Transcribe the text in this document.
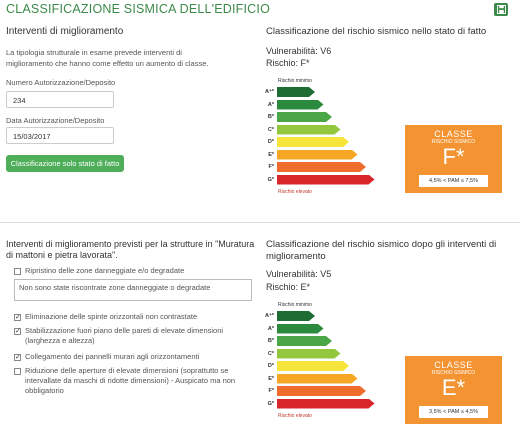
CLASSIFICAZIONE SISMICA DELL'EDIFICIO
Interventi di miglioramento
La tipologia strutturale in esame prevede interventi di miglioramento che hanno come effetto un aumento di classe.
Numero Autorizzazione/Deposito
234
Data Autorizzazione/Deposito
15/03/2017
Classificazione solo stato di fatto
Classificazione del rischio sismico nello stato di fatto
Vulnerabilità: V6
Rischio: F*
Rischio minimo
A⁺*
A*
B*
C*
D*
E*
F*
G*
Rischio elevato
CLASSE
RISCHIO SISMICO
F*
4,5% < PAM ≤ 7,5%
Interventi di miglioramento previsti per la strutture in "Muratura di mattoni e pietra lavorata".
Ripristino delle zone danneggiate e/o degradate
Non sono state riscontrate zone danneggiate o degradate
✓ Eliminazione delle spinte orizzontali non contrastate
✓ Stabilizzazione fuori piano delle pareti di elevate dimensioni (larghezza e altezza)
✓ Collegamento dei pannelli murari agli orizzontamenti
Riduzione delle aperture di elevate dimensioni (soprattutto se intervallate da maschi di ridotte dimensioni) - Auspicato ma non obbligatorio
Classificazione del rischio sismico dopo gli interventi di miglioramento
Vulnerabilità: V5
Rischio: E*
Rischio minimo
A⁺*
A*
B*
C*
D*
E*
F*
G*
Rischio elevato
CLASSE
RISCHIO SISMICO
E*
3,5% < PAM ≤ 4,5%
